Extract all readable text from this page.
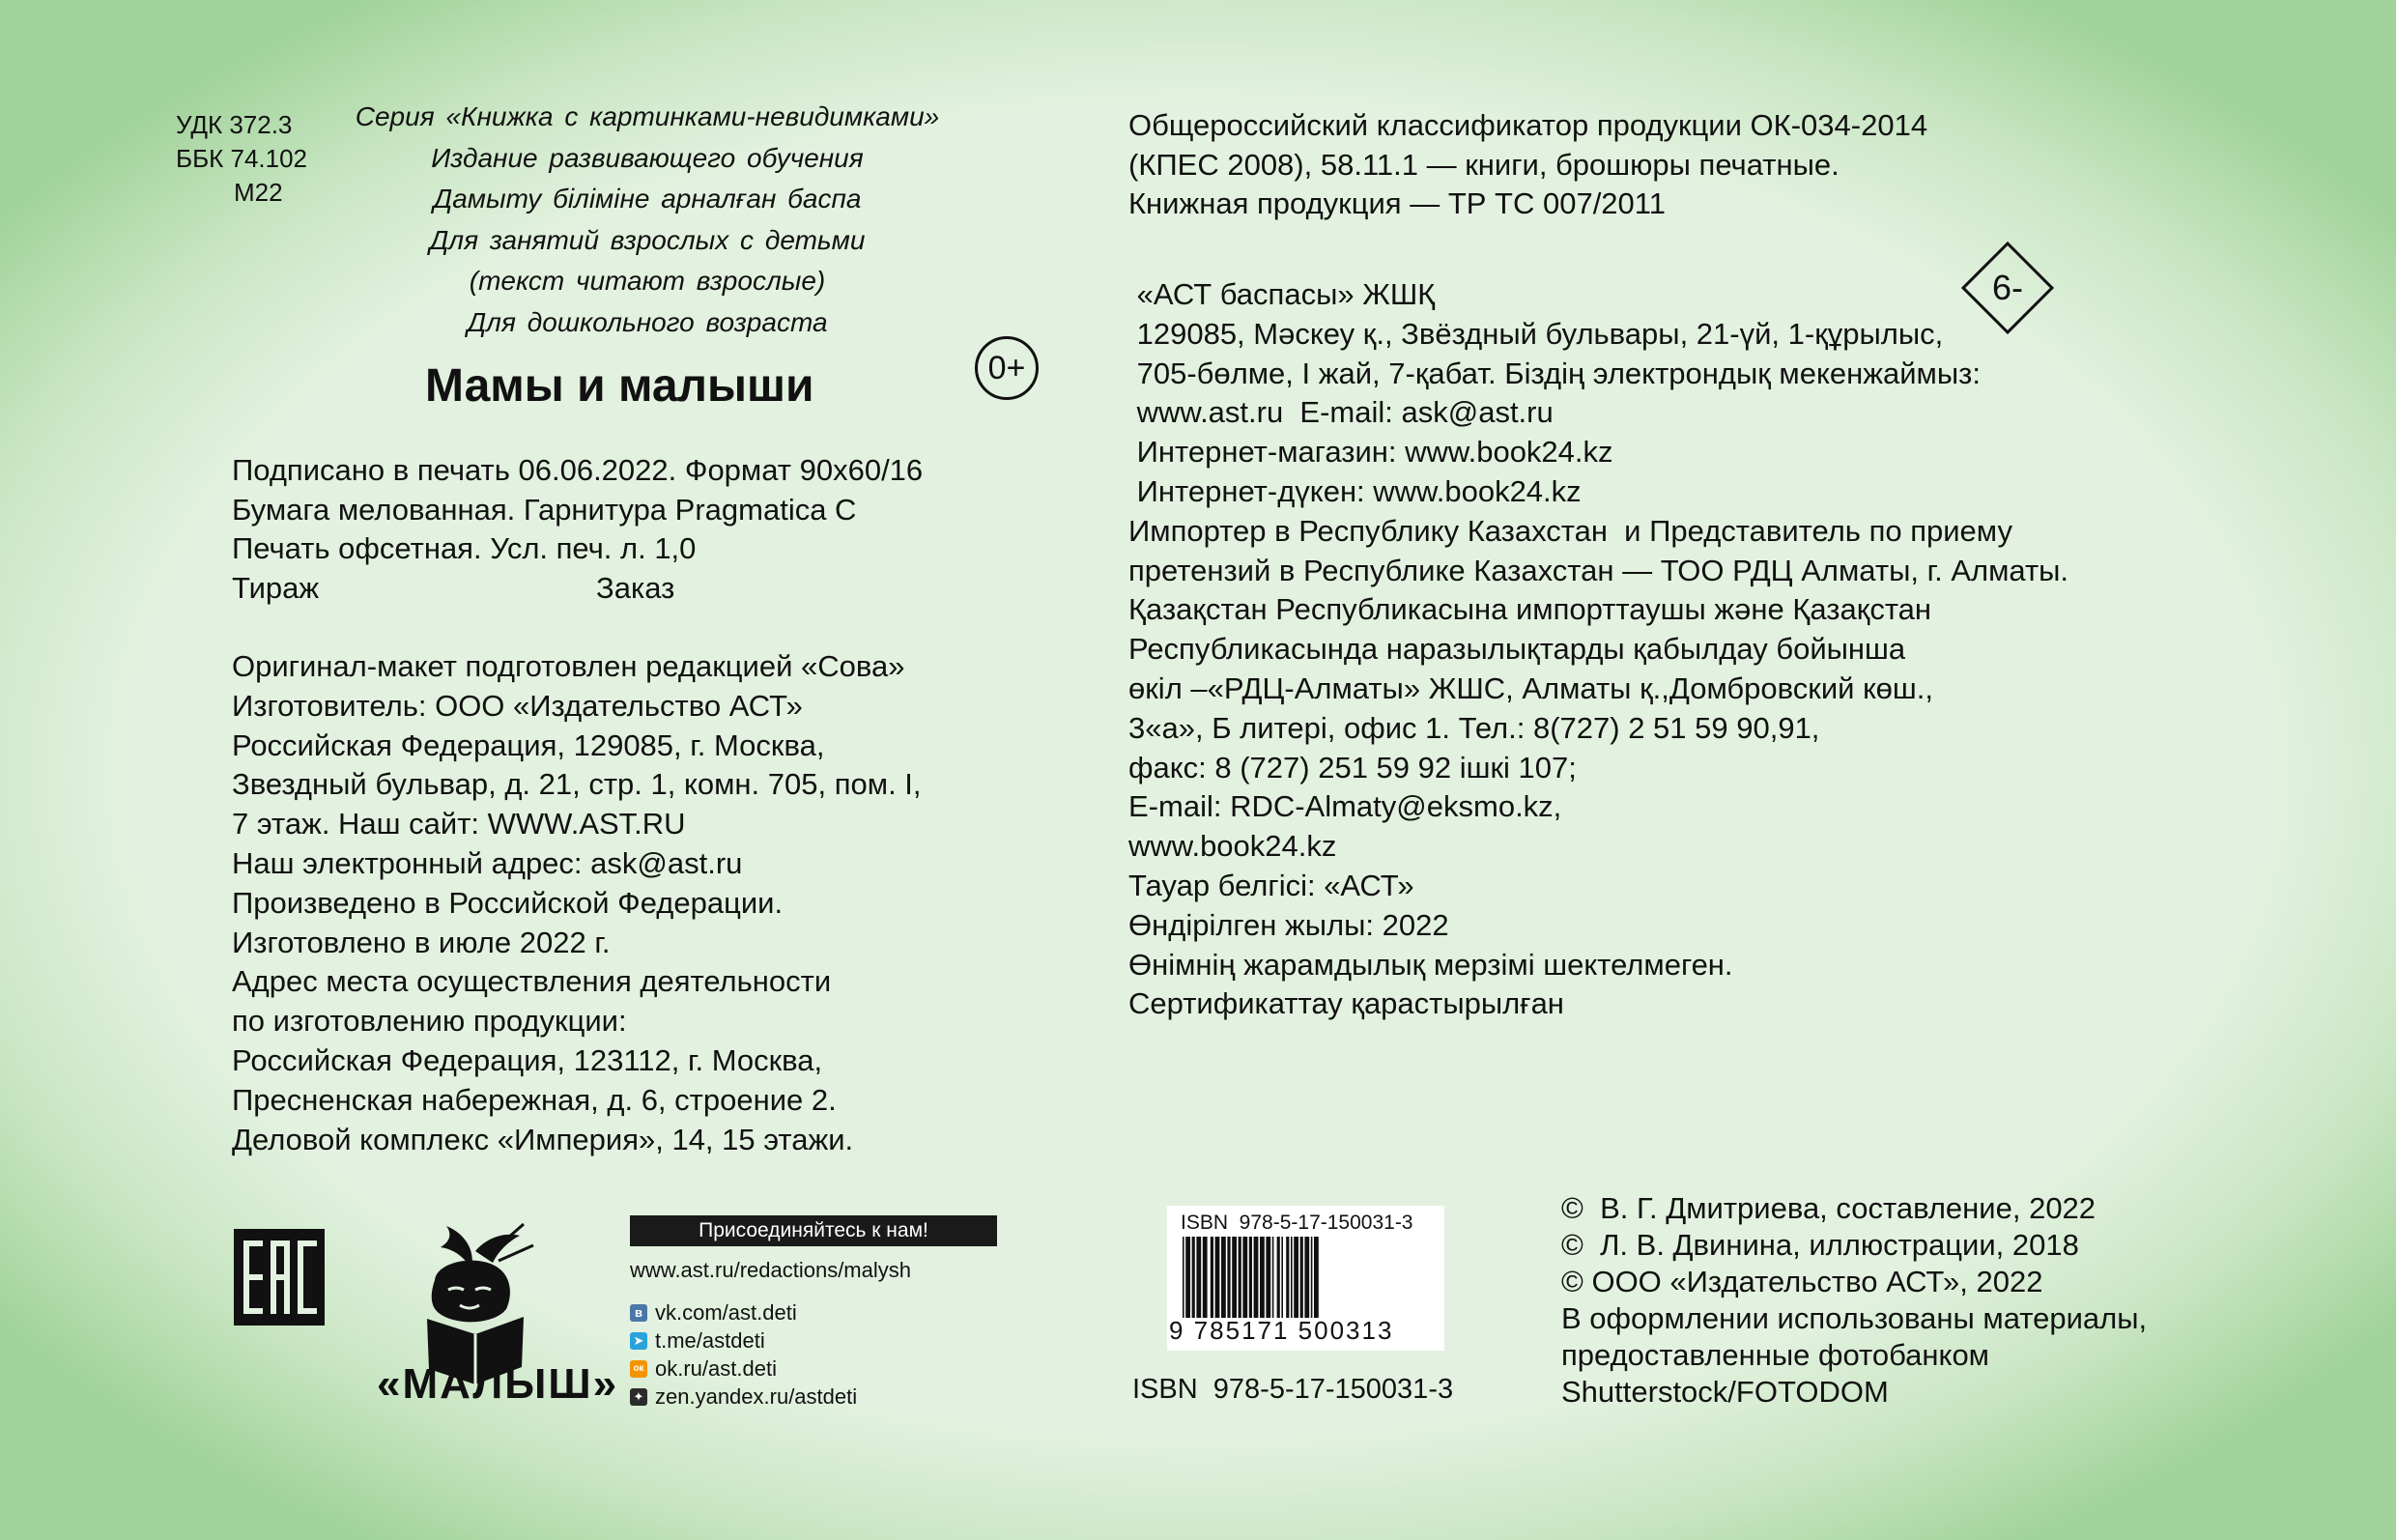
УДК 372.3
ББК 74.102
М22
Серия «Книжка с картинками-невидимками»
Издание развивающего обучения
Дамыту біліміне арналған баспа
Для занятий взрослых с детьми
(текст читают взрослые)
Для дошкольного возраста
0+
Мамы и малыши
Подписано в печать 06.06.2022. Формат 90x60/16
Бумага мелованная. Гарнитура Pragmatica C
Печать офсетная. Усл. печ. л. 1,0
Тираж	Заказ
Оригинал-макет подготовлен редакцией «Сова»
Изготовитель: ООО «Издательство АСТ»
Российская Федерация, 129085, г. Москва,
Звездный бульвар, д. 21, стр. 1, комн. 705, пом. I,
7 этаж. Наш сайт: WWW.AST.RU
Наш электронный адрес: ask@ast.ru
Произведено в Российской Федерации.
Изготовлено в июле 2022 г.
Адрес места осуществления деятельности
по изготовлению продукции:
Российская Федерация, 123112, г. Москва,
Пресненская набережная, д. 6, строение 2.
Деловой комплекс «Империя», 14, 15 этажи.
Общероссийский классификатор продукции ОК-034-2014
(КПЕС 2008), 58.11.1 — книги, брошюры печатные.
Книжная продукция — ТР ТС 007/2011
6-
«АСТ баспасы» ЖШҚ
129085, Мәскеу қ., Звёздный бульвары, 21-үй, 1-құрылыс,
705-бөлме, I жай, 7-қабат. Біздің электрондық мекенжаймыз:
www.ast.ru  E-mail: ask@ast.ru
Интернет-магазин: www.book24.kz
Интернет-дүкен: www.book24.kz
Импортер в Республику Казахстан  и Представитель по приему
претензий в Республике Казахстан — ТОО РДЦ Алматы, г. Алматы.
Қазақстан Республикасына импорттаушы және Қазақстан
Республикасында наразылықтарды қабылдау бойынша
өкіл –«РДЦ-Алматы» ЖШС, Алматы қ.,Домбровский көш.,
3«а», Б литері, офис 1. Тел.: 8(727) 2 51 59 90,91,
факс: 8 (727) 251 59 92 ішкі 107;
E-mail: RDC-Almaty@eksmo.kz,
www.book24.kz
Тауар белгісі: «АСТ»
Өндірілген жылы: 2022
Өнімнің жарамдылық мерзімі шектелмеген.
Сертификаттау қарастырылған
«МАЛЫШ»
Присоединяйтесь к нам!
www.ast.ru/redactions/malysh
в vk.com/ast.deti
➤ t.me/astdeti
ок ok.ru/ast.deti
✦ zen.yandex.ru/astdeti
ISBN  978-5-17-150031-3
9 785171 500313
ISBN  978-5-17-150031-3
©  В. Г. Дмитриева, составление, 2022
©  Л. В. Двинина, иллюстрации, 2018
© ООО «Издательство АСТ», 2022
В оформлении использованы материалы,
предоставленные фотобанком
Shutterstock/FOTODOM
